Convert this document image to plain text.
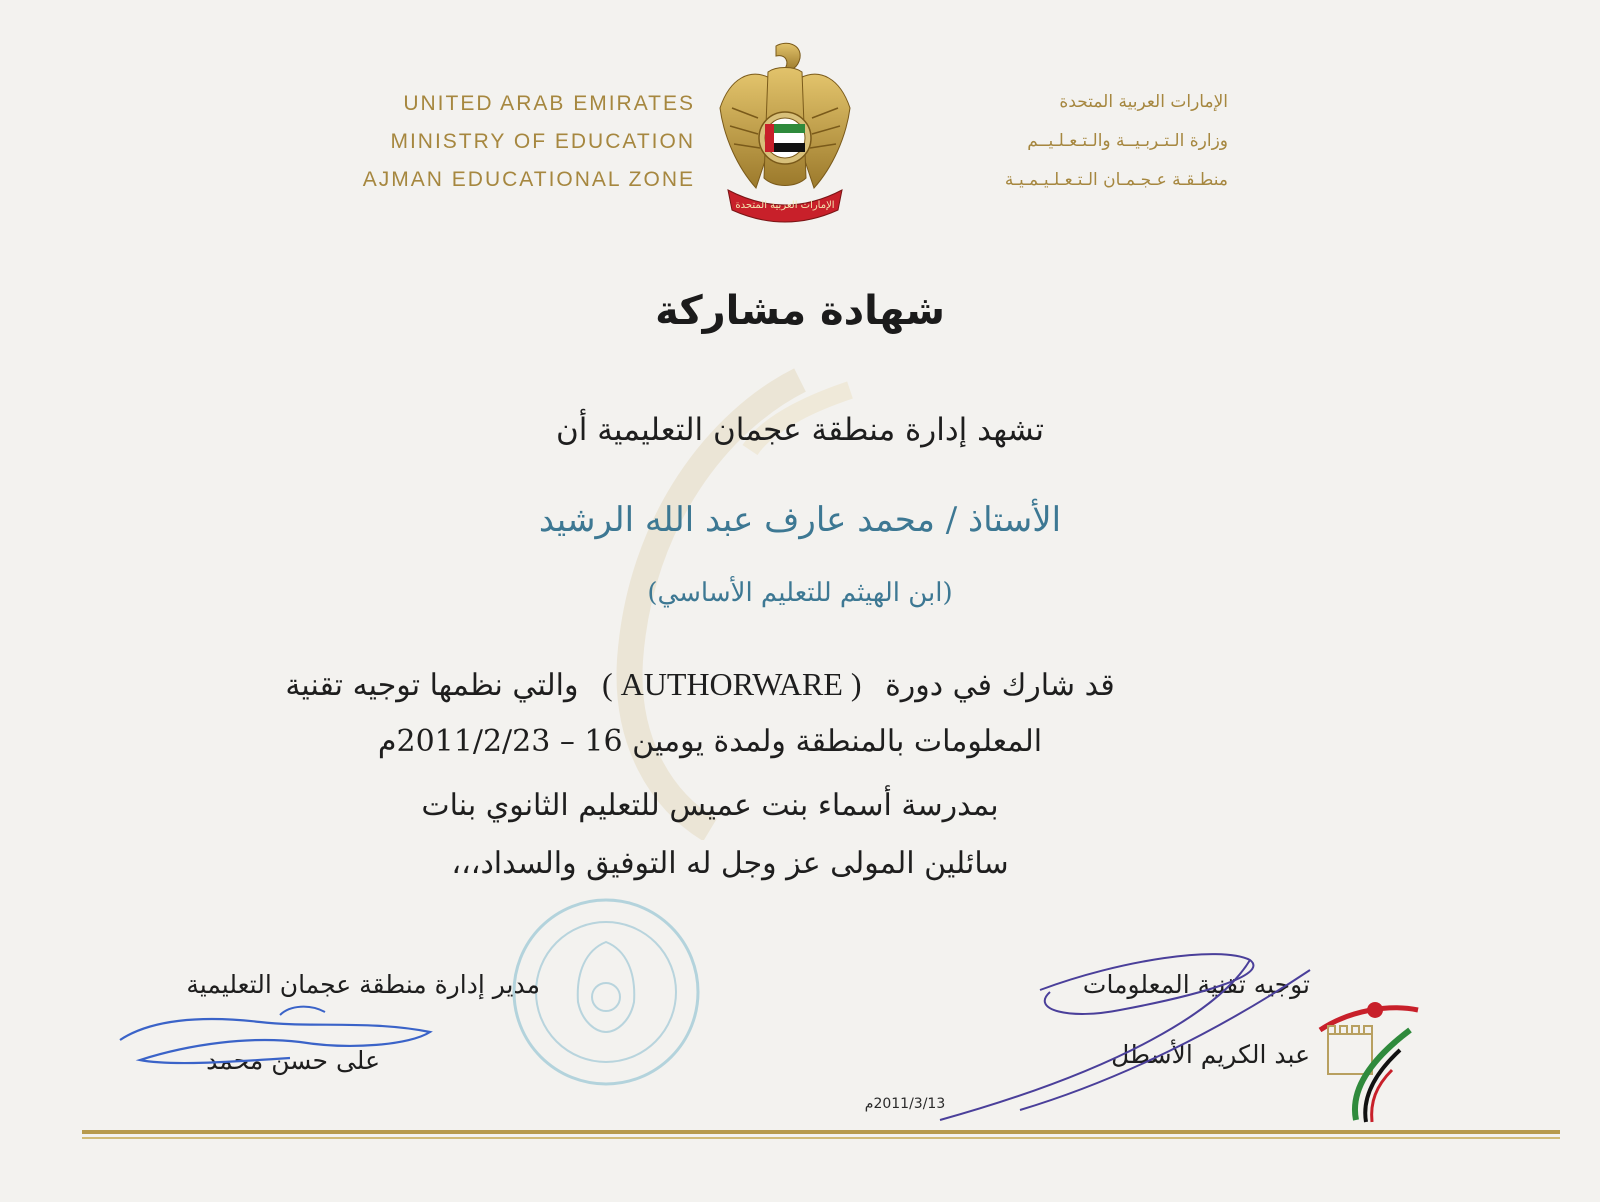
UNITED ARAB EMIRATES
MINISTRY OF EDUCATION
AJMAN EDUCATIONAL ZONE
الإمارات العربية المتحدة
الإمارات العربية المتحدة
وزارة الـتـربـيــة والـتـعـلـيــم
منطـقـة عـجـمـان الـتـعـلـيـمـيـة
شهادة مشاركة
تشهد إدارة منطقة عجمان التعليمية أن
الأستاذ / محمد عارف عبد الله الرشيد
(ابن الهيثم للتعليم الأساسي)
قد شارك في دورة ( AUTHORWARE ) والتي نظمها توجيه تقنية
المعلومات بالمنطقة ولمدة يومين 16 – 2011/2/23م
بمدرسة أسماء بنت عميس للتعليم الثانوي بنات
سائلين المولى عز وجل له التوفيق والسداد،،،
مدير إدارة منطقة عجمان التعليمية
على حسن محمد
توجيه تقنية المعلومات
عبد الكريم الأسطل
2011/3/13م
